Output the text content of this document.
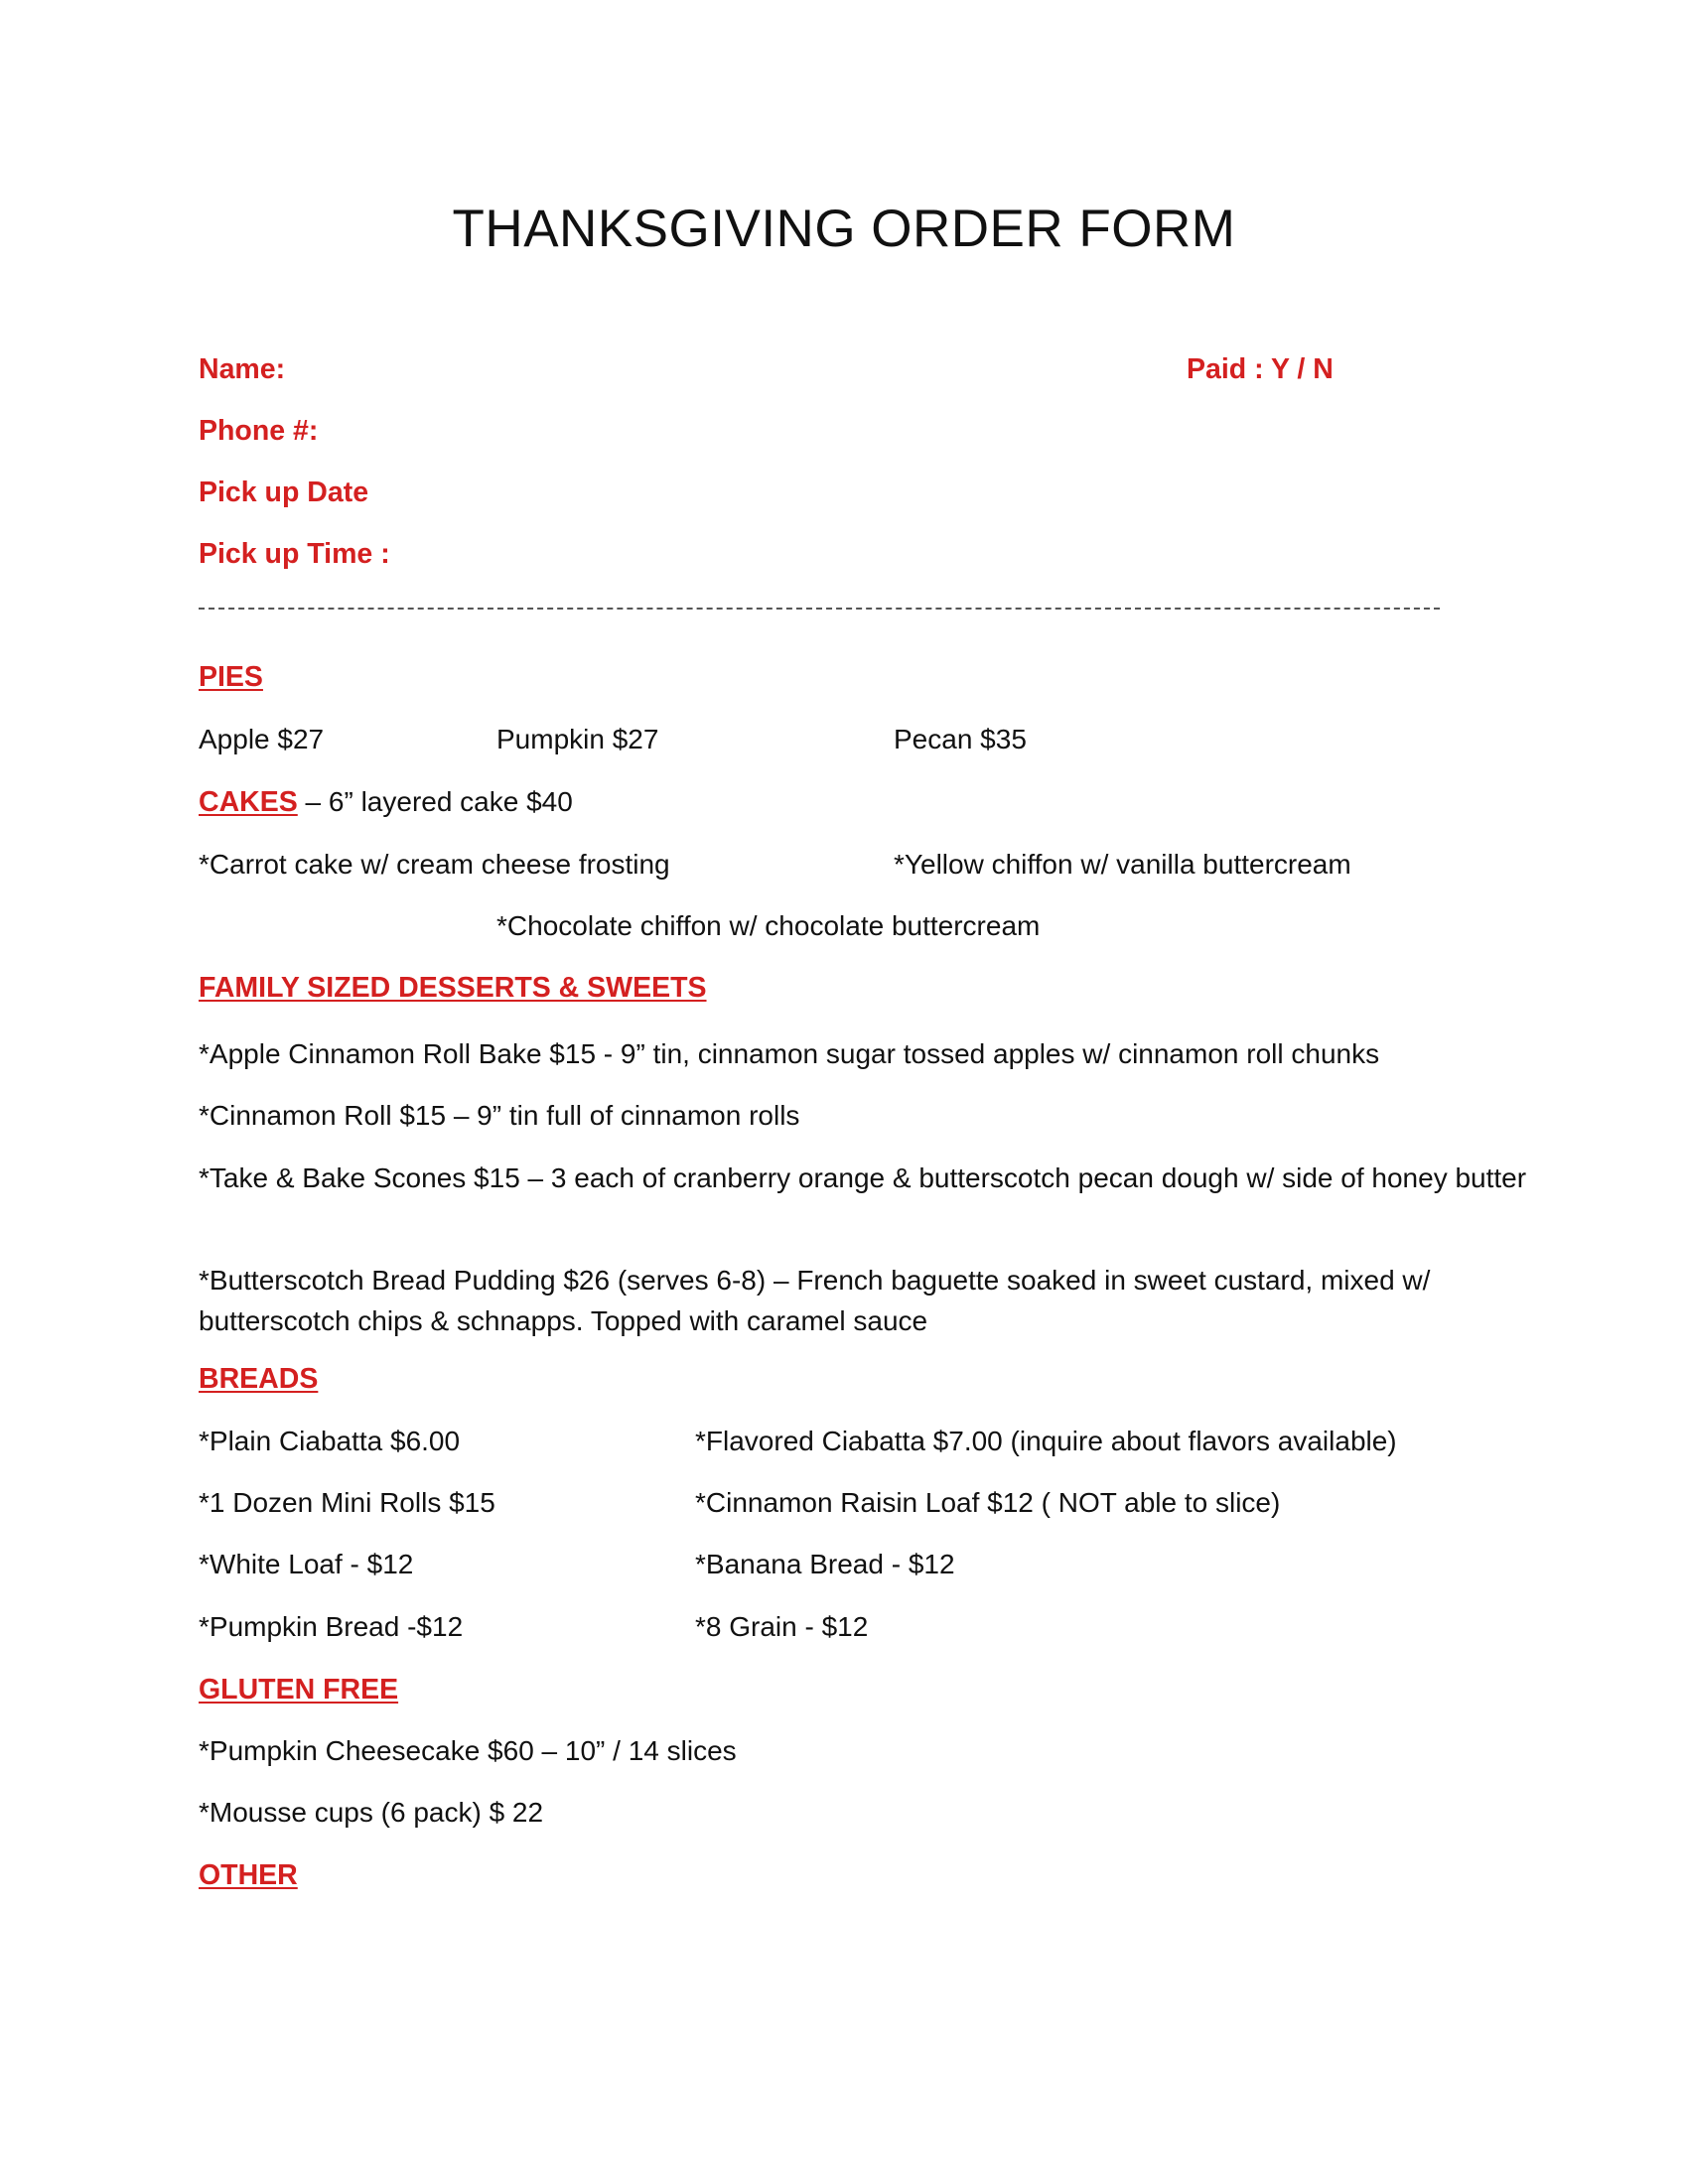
THANKSGIVING ORDER FORM
Name:	Paid : Y / N
Phone #:
Pick up Date
Pick up Time :
PIES
Apple $27	Pumpkin $27	Pecan $35
CAKES – 6” layered cake $40
*Carrot cake w/ cream cheese frosting	*Yellow chiffon w/ vanilla buttercream
*Chocolate chiffon w/ chocolate buttercream
FAMILY SIZED DESSERTS & SWEETS
*Apple Cinnamon Roll Bake $15 - 9” tin, cinnamon sugar tossed apples w/ cinnamon roll chunks
*Cinnamon Roll $15 – 9” tin full of cinnamon rolls
*Take & Bake Scones $15 – 3 each of cranberry orange & butterscotch pecan dough w/ side of honey butter
*Butterscotch Bread Pudding $26 (serves 6-8) – French baguette soaked in sweet custard, mixed w/ butterscotch chips & schnapps. Topped with caramel sauce
BREADS
*Plain Ciabatta $6.00	*Flavored Ciabatta $7.00 (inquire about flavors available)
*1 Dozen Mini Rolls $15	*Cinnamon Raisin Loaf $12 ( NOT able to slice)
*White Loaf - $12	*Banana Bread - $12
*Pumpkin Bread -$12	*8 Grain - $12
GLUTEN FREE
*Pumpkin Cheesecake $60 – 10” / 14 slices
*Mousse cups (6 pack) $ 22
OTHER
